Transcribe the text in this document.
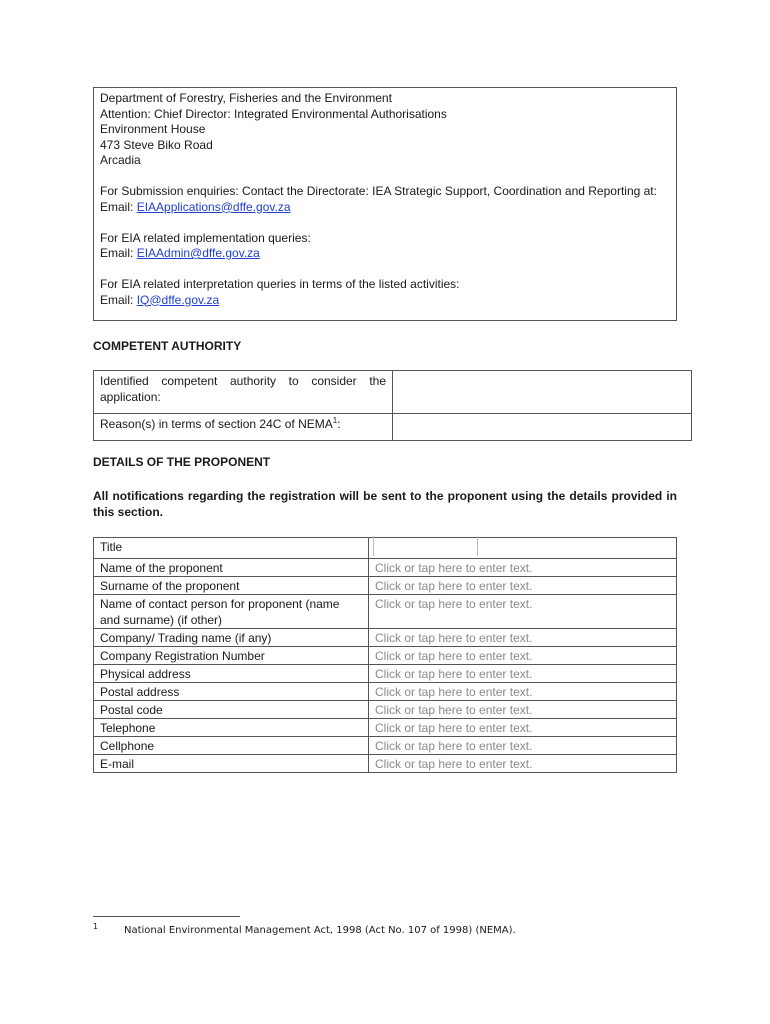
Department of Forestry, Fisheries and the Environment
Attention: Chief Director: Integrated Environmental Authorisations
Environment House
473 Steve Biko Road
Arcadia
For Submission enquiries: Contact the Directorate: IEA Strategic Support, Coordination and Reporting at:
Email: EIAApplications@dffe.gov.za
For EIA related implementation queries:
Email: EIAAdmin@dffe.gov.za
For EIA related interpretation queries in terms of the listed activities:
Email: IQ@dffe.gov.za
COMPETENT AUTHORITY
Identified competent authority to consider the application:	

Reason(s) in terms of section 24C of NEMA$^1$:	
DETAILS OF THE PROPONENT
All notifications regarding the registration will be sent to the proponent using the details provided in this section.
Title	

Name of the proponent	Click or tap here to enter text.
Surname of the proponent	Click or tap here to enter text.
Name of contact person for proponent (name and surname) (if other)	Click or tap here to enter text.
Company/ Trading name (if any)	Click or tap here to enter text.
Company Registration Number	Click or tap here to enter text.
Physical address	Click or tap here to enter text.
Postal address	Click or tap here to enter text.
Postal code	Click or tap here to enter text.
Telephone	Click or tap here to enter text.
Cellphone	Click or tap here to enter text.
E-mail	Click or tap here to enter text.
1	National Environmental Management Act, 1998 (Act No. 107 of 1998) (NEMA).
